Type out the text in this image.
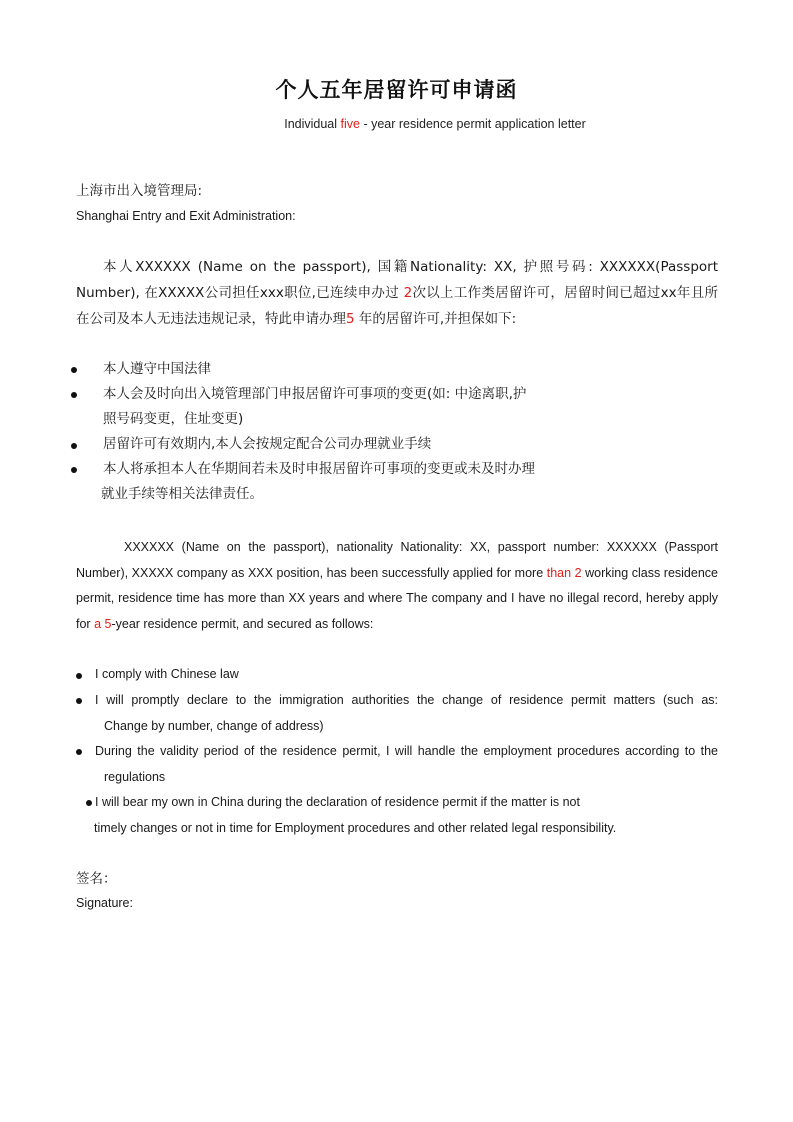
个人五年居留许可申请函
Individual five - year residence permit application letter
上海市出入境管理局:
Shanghai Entry and Exit Administration:
本人XXXXXX (Name on the passport), 国籍Nationality: XX, 护照号码: XXXXXX(Passport Number), 在XXXXX公司担任xxx职位,已连续申办过 2次以上工作类居留许可，居留时间已超过xx年且所在公司及本人无违法违规记录，特此申请办理5 年的居留许可,并担保如下:
本人遵守中国法律
本人会及时向出入境管理部门申报居留许可事项的变更(如: 中途离职,护
照号码变更，住址变更)
居留许可有效期内,本人会按规定配合公司办理就业手续
本人将承担本人在华期间若未及时申报居留许可事项的变更或未及时办理
就业手续等相关法律责任。
XXXXXX (Name on the passport), nationality Nationality: XX, passport number: XXXXXX (Passport Number), XXXXX company as XXX position, has been successfully applied for more than 2 working class residence permit, residence time has more than XX years and where The company and I have no illegal record, hereby apply for a 5-year residence permit, and secured as follows:
I comply with Chinese law
I will promptly declare to the immigration authorities the change of residence permit matters (such as:
Change by number, change of address)
During the validity period of the residence permit, I will handle the employment procedures according to the
regulations
I will bear my own in China during the declaration of residence permit if the matter is not
timely changes or not in time for Employment procedures and other related legal responsibility.
签名：
Signature:
